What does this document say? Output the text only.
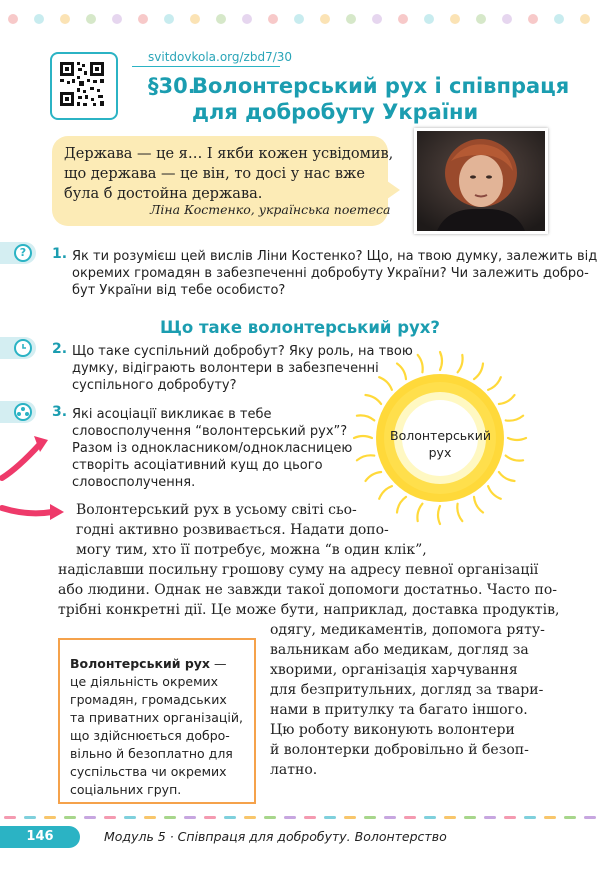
svitdovkola.org/zbd7/30
§30.
Волонтерський рух і співпраця
для добробуту України
Держава — це я… І якби кожен усвідомив,
що держава — це він, то досі у нас вже
була б достойна держава.
Ліна Костенко, українська поетеса
?	1. Як ти розумієш цей вислів Ліни Костенко? Що, на твою думку, залежить від
окремих громадян в забезпеченні добробуту України? Чи залежить добро-
бут України від тебе особисто?
Що таке волонтерський рух?
2. Що таке суспільний добробут? Яку роль, на твою
думку, відіграють волонтери в забезпеченні
суспільного добробуту?
3. Які асоціації викликає в тебе
словосполучення “волонтерський рух”?
Разом із однокласником/однокласницею
створіть асоціативний кущ до цього
словосполучення.
Волонтерський
рух
Волонтерський рух в усьому світі сьо-
годні активно розвивається. Надати допо-
могу тим, хто її потребує, можна “в один клік”,
надіславши посильну грошову суму на адресу певної організації
або людини. Однак не завжди такої допомоги достатньо. Часто по-
трібні конкретні дії. Це може бути, наприклад, доставка продуктів,
одягу, медикаментів, допомога ряту-
вальникам або медикам, догляд за
хворими, організація харчування
для безпритульних, догляд за твари-
нами в притулку та багато іншого.
Цю роботу виконують волонтери
й волонтерки добровільно й безоп-
латно.
Волонтерський рух —
це діяльність окремих
громадян, громадських
та приватних організацій,
що здійснюється добро-
вільно й безоплатно для
суспільства чи окремих
соціальних груп.
146	Модуль 5 · Співпраця для добробуту. Волонтерство
